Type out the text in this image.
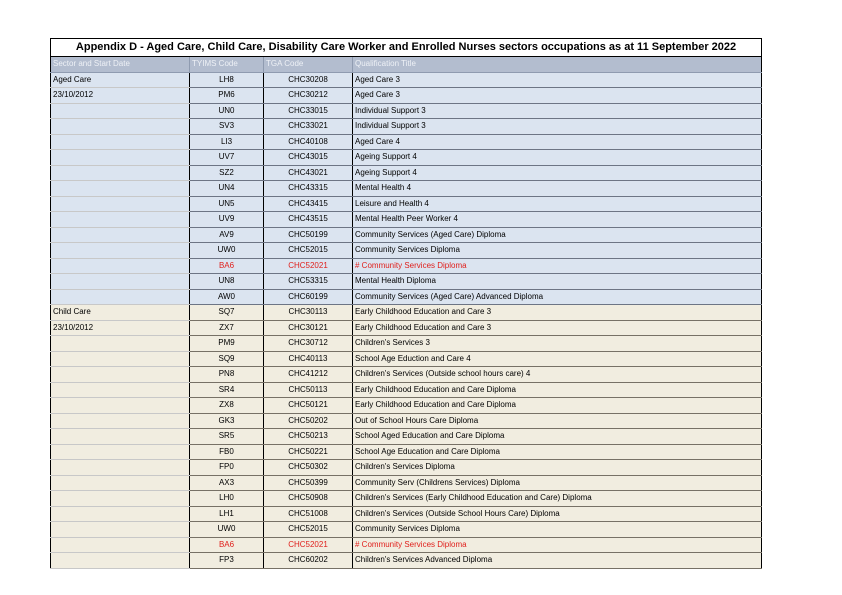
Appendix D - Aged Care, Child Care, Disability Care Worker and Enrolled Nurses sectors occupations as at 11 September 2022			
Sector and Start Date	TYIMS Code	TGA Code	Qualification Title
Aged Care	LH8	CHC30208	Aged Care 3
23/10/2012	PM6	CHC30212	Aged Care 3
	UN0	CHC33015	Individual Support 3
	SV3	CHC33021	Individual Support 3
	LI3	CHC40108	Aged Care 4
	UV7	CHC43015	Ageing Support 4
	SZ2	CHC43021	Ageing Support 4
	UN4	CHC43315	Mental Health 4
	UN5	CHC43415	Leisure and Health 4
	UV9	CHC43515	Mental Health Peer Worker 4
	AV9	CHC50199	Community Services (Aged Care) Diploma
	UW0	CHC52015	Community Services Diploma
	BA6	CHC52021	# Community Services Diploma
	UN8	CHC53315	Mental Health Diploma
	AW0	CHC60199	Community Services (Aged Care) Advanced Diploma
Child Care	SQ7	CHC30113	Early Childhood Education and Care 3
23/10/2012	ZX7	CHC30121	Early Childhood Education and Care 3
	PM9	CHC30712	Children's Services 3
	SQ9	CHC40113	School Age Eduction and Care 4
	PN8	CHC41212	Children's Services (Outside school hours care) 4
	SR4	CHC50113	Early Childhood Education and Care Diploma
	ZX8	CHC50121	Early Childhood Education and Care Diploma
	GK3	CHC50202	Out of School Hours Care Diploma
	SR5	CHC50213	School Aged Education and Care Diploma
	FB0	CHC50221	School Age Education and Care Diploma
	FP0	CHC50302	Children's Services Diploma
	AX3	CHC50399	Community Serv (Childrens Services) Diploma
	LH0	CHC50908	Children's Services (Early Childhood Education and Care) Diploma
	LH1	CHC51008	Children's Services (Outside School Hours Care) Diploma
	UW0	CHC52015	Community Services Diploma
	BA6	CHC52021	# Community Services Diploma
	FP3	CHC60202	Children's Services Advanced Diploma
